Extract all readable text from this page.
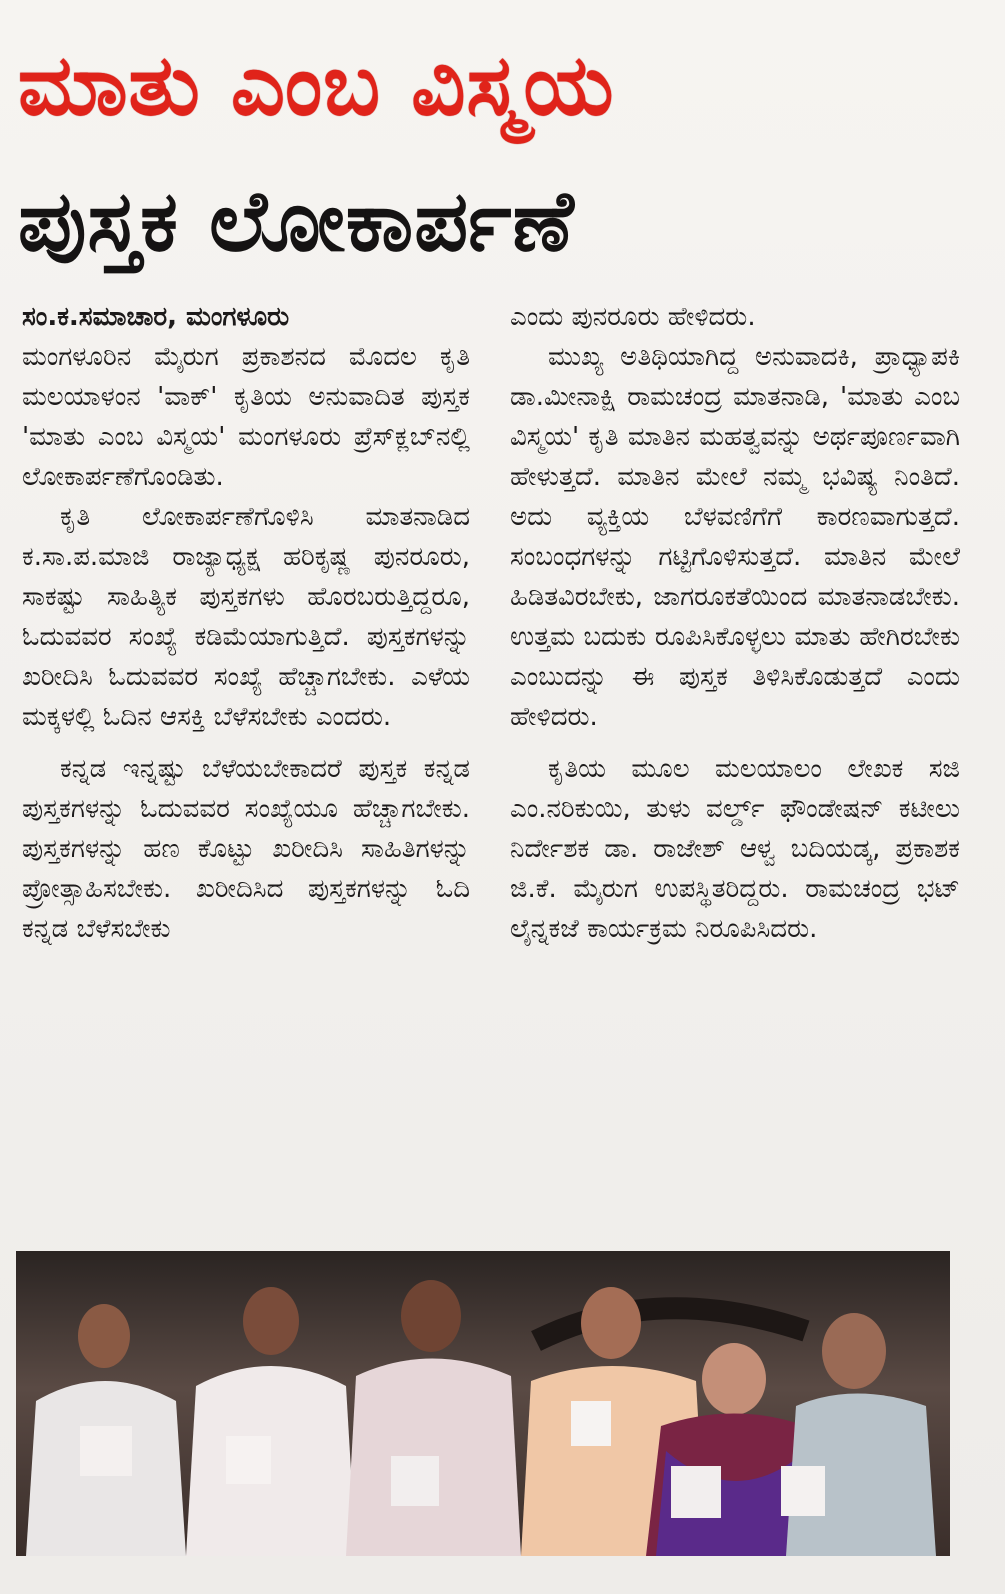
ಮಾತು ಎಂಬ ವಿಸ್ಮಯ
ಪುಸ್ತಕ ಲೋಕಾರ್ಪಣೆ

ಸಂ.ಕ.ಸಮಾಚಾರ, ಮಂಗಳೂರು

ಮಂಗಳೂರಿನ ಮೈರುಗ ಪ್ರಕಾಶನದ ಮೊದಲ ಕೃತಿ ಮಲಯಾಳಂನ 'ವಾಕ್' ಕೃತಿಯ ಅನುವಾದಿತ ಪುಸ್ತಕ 'ಮಾತು ಎಂಬ ವಿಸ್ಮಯ' ಮಂಗಳೂರು ಪ್ರೆಸ್‌ಕ್ಲಬ್‌ನಲ್ಲಿ ಲೋಕಾರ್ಪಣೆಗೊಂಡಿತು.

ಕೃತಿ ಲೋಕಾರ್ಪಣೆಗೊಳಿಸಿ ಮಾತನಾಡಿದ ಕ.ಸಾ.ಪ.ಮಾಜಿ ರಾಜ್ಯಾಧ್ಯಕ್ಷ ಹರಿಕೃಷ್ಣ ಪುನರೂರು, ಸಾಕಷ್ಟು ಸಾಹಿತ್ಯಿಕ ಪುಸ್ತಕಗಳು ಹೊರಬರುತ್ತಿದ್ದರೂ, ಓದುವವರ ಸಂಖ್ಯೆ ಕಡಿಮೆಯಾಗುತ್ತಿದೆ. ಪುಸ್ತಕಗಳನ್ನು ಖರೀದಿಸಿ ಓದುವವರ ಸಂಖ್ಯೆ ಹೆಚ್ಚಾಗಬೇಕು. ಎಳೆಯ ಮಕ್ಕಳಲ್ಲಿ ಓದಿನ ಆಸಕ್ತಿ ಬೆಳೆಸಬೇಕು ಎಂದರು.

ಕನ್ನಡ ಇನ್ನಷ್ಟು ಬೆಳೆಯಬೇಕಾದರೆ ಪುಸ್ತಕ ಕನ್ನಡ ಪುಸ್ತಕಗಳನ್ನು ಓದುವವರ ಸಂಖ್ಯೆಯೂ ಹೆಚ್ಚಾಗಬೇಕು. ಪುಸ್ತಕಗಳನ್ನು ಹಣ ಕೊಟ್ಟು ಖರೀದಿಸಿ ಸಾಹಿತಿಗಳನ್ನು ಪ್ರೋತ್ಸಾಹಿಸಬೇಕು. ಖರೀದಿಸಿದ ಪುಸ್ತಕಗಳನ್ನು ಓದಿ ಕನ್ನಡ ಬೆಳೆಸಬೇಕು

ಎಂದು ಪುನರೂರು ಹೇಳಿದರು.

ಮುಖ್ಯ ಅತಿಥಿಯಾಗಿದ್ದ ಅನುವಾದಕಿ, ಪ್ರಾಧ್ಯಾಪಕಿ ಡಾ.ಮೀನಾಕ್ಷಿ ರಾಮಚಂದ್ರ ಮಾತನಾಡಿ, 'ಮಾತು ಎಂಬ ವಿಸ್ಮಯ' ಕೃತಿ ಮಾತಿನ ಮಹತ್ವವನ್ನು ಅರ್ಥಪೂರ್ಣವಾಗಿ ಹೇಳುತ್ತದೆ. ಮಾತಿನ ಮೇಲೆ ನಮ್ಮ ಭವಿಷ್ಯ ನಿಂತಿದೆ. ಅದು ವ್ಯಕ್ತಿಯ ಬೆಳವಣಿಗೆಗೆ ಕಾರಣವಾಗುತ್ತದೆ. ಸಂಬಂಧಗಳನ್ನು ಗಟ್ಟಿಗೊಳಿಸುತ್ತದೆ. ಮಾತಿನ ಮೇಲೆ ಹಿಡಿತವಿರಬೇಕು, ಜಾಗರೂಕತೆಯಿಂದ ಮಾತನಾಡಬೇಕು. ಉತ್ತಮ ಬದುಕು ರೂಪಿಸಿಕೊಳ್ಳಲು ಮಾತು ಹೇಗಿರಬೇಕು ಎಂಬುದನ್ನು ಈ ಪುಸ್ತಕ ತಿಳಿಸಿಕೊಡುತ್ತದೆ ಎಂದು ಹೇಳಿದರು.

ಕೃತಿಯ ಮೂಲ ಮಲಯಾಲಂ ಲೇಖಕ ಸಜಿ ಎಂ.ನರಿಕುಯಿ, ತುಳು ವರ್ಲ್ಡ್ ಫೌಂಡೇಷನ್ ಕಟೀಲು ನಿರ್ದೇಶಕ ಡಾ. ರಾಜೇಶ್ ಆಳ್ವ ಬದಿಯಡ್ಕ, ಪ್ರಕಾಶಕ ಜಿ.ಕೆ. ಮೈರುಗ ಉಪಸ್ಥಿತರಿದ್ದರು. ರಾಮಚಂದ್ರ ಭಟ್ ಲೈನ್ನಕಜೆ ಕಾರ್ಯಕ್ರಮ ನಿರೂಪಿಸಿದರು.
